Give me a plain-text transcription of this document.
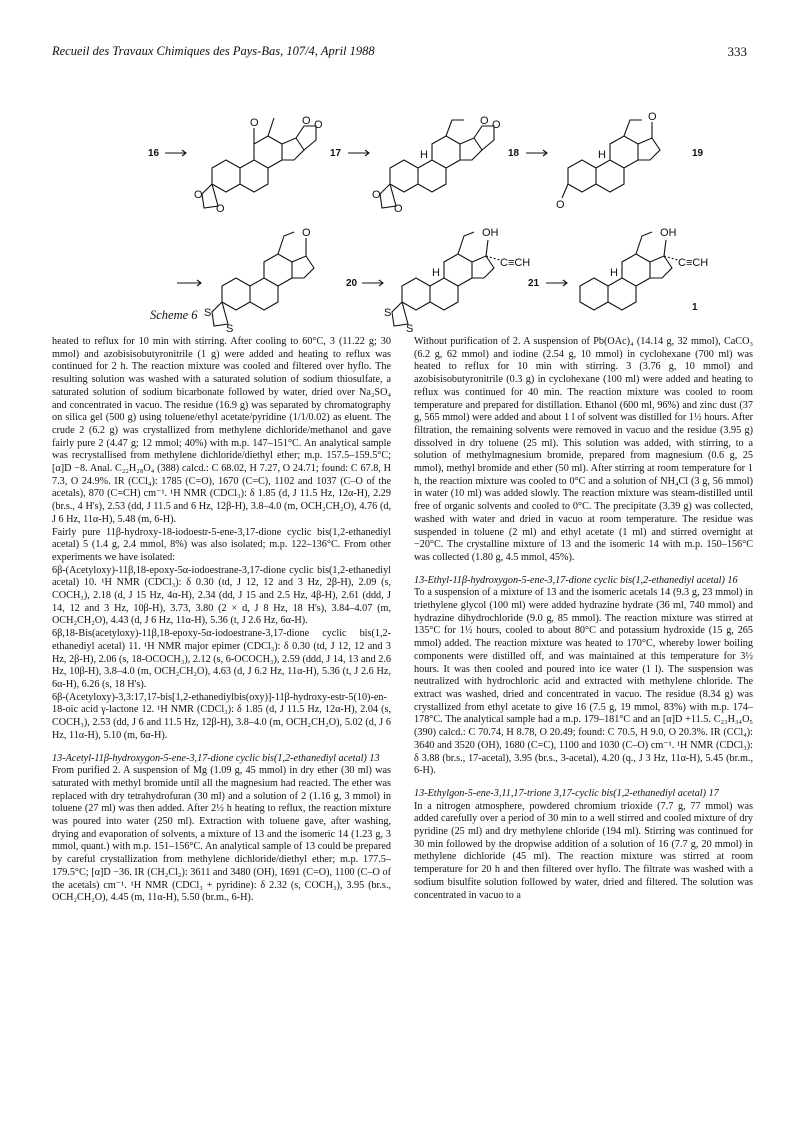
Recueil des Travaux Chimiques des Pays-Bas, 107/4, April 1988	333
16
O	O O
O
O
17	H
O O
O
O
18
O
H
O
19
O
S
S
20
OH
C≡CH
H
S
S
21
OH
C≡CH
H
1
Scheme 6

heated to reflux for 10 min with stirring. After cooling to 60°C, 3 (11.22 g; 30 mmol) and azobisisobutyronitrile (1 g) were added and heating to reflux was continued for 2 h. The reaction mixture was cooled and filtered over hyflo. The resulting solution was washed with a saturated solution of sodium thiosulfate, a saturated solution of sodium bicarbonate followed by water, dried over Na₂SO₄ and concentrated in vacuo. The residue (16.9 g) was separated by chromatography on silica gel (500 g) using toluene/ethyl acetate/pyridine (1/1/0.02) as eluent. The crude 2 (6.2 g) was crystallized from methylene dichloride/methanol and gave fairly pure 2 (4.47 g; 12 mmol; 40%) with m.p. 147–151°C. An analytical sample was recrystallised from methylene dichloride/diethyl ether; m.p. 157.5–159.5°C; [α]D −8. Anal. C₂₂H₂₈O₄ (388) calcd.: C 68.02, H 7.27, O 24.71; found: C 67.8, H 7.3, O 24.9%. IR (CCl₄): 1785 (C=O), 1670 (C=C), 1102 and 1037 (C–O of the acetals), 870 (C=CH) cm⁻¹. ¹H NMR (CDCl₃): δ 1.85 (d, J 11.5 Hz, 12α-H), 2.29 (br.s., 4 H's), 2.53 (dd, J 11.5 and 6 Hz, 12β-H), 3.8–4.0 (m, OCH₂CH₂O), 4.76 (d, J 6 Hz, 11α-H), 5.48 (m, 6-H).

Fairly pure 11β-hydroxy-18-iodoestr-5-ene-3,17-dione cyclic bis(1,2-ethanediyl acetal) 5 (1.4 g, 2.4 mmol, 8%) was also isolated; m.p. 122–136°C. From other experiments we have isolated:

6β-(Acetyloxy)-11β,18-epoxy-5α-iodoestrane-3,17-dione cyclic bis(1,2-ethanediyl acetal) 10. ¹H NMR (CDCl₃): δ 0.30 (td, J 12, 12 and 3 Hz, 2β-H), 2.09 (s, COCH₃), 2.18 (d, J 15 Hz, 4α-H), 2.34 (dd, J 15 and 2.5 Hz, 4β-H), 2.61 (ddd, J 14, 12 and 3 Hz, 10β-H), 3.73, 3.80 (2 × d, J 8 Hz, 18 H's), 3.84–4.07 (m, OCH₂CH₂O), 4.43 (d, J 6 Hz, 11α-H), 5.36 (t, J 2.6 Hz, 6α-H).

6β,18-Bis(acetyloxy)-11β,18-epoxy-5α-iodoestrane-3,17-dione cyclic bis(1,2-ethanediyl acetal) 11. ¹H NMR major epimer (CDCl₃): δ 0.30 (td, J 12, 12 and 3 Hz, 2β-H), 2.06 (s, 18-OCOCH₃), 2.12 (s, 6-OCOCH₃), 2.59 (ddd, J 14, 13 and 2.6 Hz, 10β-H), 3.8–4.0 (m, OCH₂CH₂O), 4.63 (d, J 6.2 Hz, 11α-H), 5.36 (t, J 2.6 Hz, 6α-H), 6.26 (s, 18 H's).

6β-(Acetyloxy)-3,3:17,17-bis[1,2-ethanediylbis(oxy)]-11β-hydroxy-estr-5(10)-en-18-oic acid γ-lactone 12. ¹H NMR (CDCl₃): δ 1.85 (d, J 11.5 Hz, 12α-H), 2.04 (s, COCH₃), 2.53 (dd, J 6 and 11.5 Hz, 12β-H), 3.8–4.0 (m, OCH₂CH₂O), 5.02 (d, J 6 Hz, 11α-H), 5.10 (m, 6α-H).

13-Acetyl-11β-hydroxygon-5-ene-3,17-dione cyclic bis(1,2-ethanediyl acetal) 13

From purified 2. A suspension of Mg (1.09 g, 45 mmol) in dry ether (30 ml) was saturated with methyl bromide until all the magnesium had reacted. The ether was replaced with dry tetrahydrofuran (30 ml) and a solution of 2 (1.16 g, 3 mmol) in toluene (27 ml) was then added. After 2½ h heating to reflux, the reaction mixture was poured into water (250 ml). Extraction with toluene gave, after washing, drying and evaporation of solvents, a mixture of 13 and the isomeric 14 (1.23 g, 3 mmol, quant.) with m.p. 151–156°C. An analytical sample of 13 could be prepared by careful crystallization from methylene dichloride/diethyl ether; m.p. 177.5–179.5°C; [α]D −36. IR (CH₂Cl₂): 3611 and 3480 (OH), 1691 (C=O), 1100 (C–O of the acetals) cm⁻¹. ¹H NMR (CDCl₃ + pyridine): δ 2.32 (s, COCH₃), 3.95 (br.s., OCH₂CH₂O), 4.45 (m, 11α-H), 5.50 (br.m., 6-H).

Without purification of 2. A suspension of Pb(OAc)₄ (14.14 g, 32 mmol), CaCO₃ (6.2 g, 62 mmol) and iodine (2.54 g, 10 mmol) in cyclohexane (700 ml) was heated to reflux for 10 min with stirring. 3 (3.76 g, 10 mmol) and azobisisobutyronitrile (0.3 g) in cyclohexane (100 ml) were added and heating to reflux was continued for 40 min. The reaction mixture was cooled to room temperature and prepared for distillation. Ethanol (600 ml, 96%) and zinc dust (37 g, 565 mmol) were added and about 1 l of solvent was distilled for 1½ hours. After filtration, the remaining solvents were removed in vacuo and the residue (3.95 g) dissolved in dry toluene (25 ml). This solution was added, with stirring, to a solution of methylmagnesium bromide, prepared from magnesium (0.6 g, 25 mmol), methyl bromide and ether (50 ml). After stirring at room temperature for 1 h, the reaction mixture was cooled to 0°C and a solution of NH₄Cl (3 g, 56 mmol) in water (10 ml) was added slowly. The reaction mixture was steam-distilled until free of organic solvents and cooled to 0°C. The precipitate (3.39 g) was collected, washed with water and dried in vacuo at room temperature. The residue was suspended in toluene (2 ml) and ethyl acetate (1 ml) and stirred overnight at −20°C. The crystalline mixture of 13 and the isomeric 14 with m.p. 150–156°C was collected (1.80 g, 4.5 mmol, 45%).

13-Ethyl-11β-hydroxygon-5-ene-3,17-dione cyclic bis(1,2-ethanediyl acetal) 16

To a suspension of a mixture of 13 and the isomeric acetals 14 (9.3 g, 23 mmol) in triethylene glycol (100 ml) were added hydrazine hydrate (36 ml, 740 mmol) and hydrazine dihydrochloride (9.0 g, 85 mmol). The reaction mixture was stirred at 135°C for 1½ hours, cooled to about 80°C and potassium hydroxide (15 g, 265 mmol) added. The reaction mixture was heated to 170°C, whereby lower boiling components were distilled off, and was maintained at this temperature for 3½ hours. It was then cooled and poured into ice water (1 l). The suspension was neutralized with hydrochloric acid and extracted with methylene chloride. The extract was washed, dried and concentrated in vacuo. The residue (8.34 g) was crystallized from ethyl acetate to give 16 (7.5 g, 19 mmol, 83%) with m.p. 174–178°C. The analytical sample had a m.p. 179–181°C and an [α]D +11.5. C₂₃H₃₄O₅ (390) calcd.: C 70.74, H 8.78, O 20.49; found: C 70.5, H 9.0, O 20.3%. IR (CCl₄): 3640 and 3520 (OH), 1680 (C=C), 1100 and 1030 (C–O) cm⁻¹. ¹H NMR (CDCl₃): δ 3.88 (br.s., 17-acetal), 3.95 (br.s., 3-acetal), 4.20 (q., J 3 Hz, 11α-H), 5.45 (br.m., 6-H).

13-Ethylgon-5-ene-3,11,17-trione 3,17-cyclic bis(1,2-ethanediyl acetal) 17

In a nitrogen atmosphere, powdered chromium trioxide (7.7 g, 77 mmol) was added carefully over a period of 30 min to a well stirred and cooled mixture of dry pyridine (25 ml) and dry methylene chloride (194 ml). Stirring was continued for 30 min followed by the dropwise addition of a solution of 16 (7.7 g, 20 mmol) in methylene dichloride (45 ml). The reaction mixture was stirred at room temperature for 20 h and then filtered over hyflo. The filtrate was washed with a sodium bisulfite solution followed by water, dried and filtered. The solution was concentrated in vacuo to a
